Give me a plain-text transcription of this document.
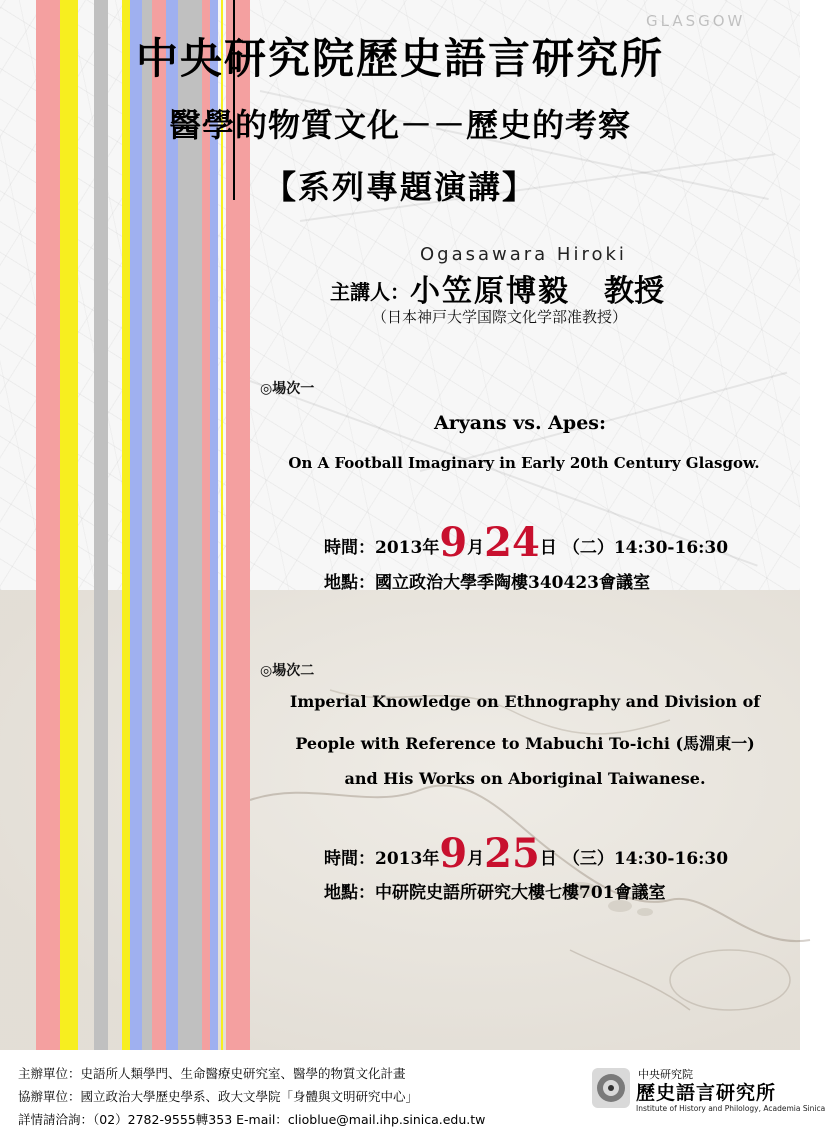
GLASGOW
中央研究院歷史語言研究所
醫學的物質文化－－歷史的考察
【系列專題演講】
Ogasawara Hiroki
主講人：小笠原博毅 教授
（日本神戸大学国際文化学部准教授）
◎場次一
Aryans vs. Apes:
On A Football Imaginary in Early 20th Century Glasgow.
時間：2013年9月24日 （二）14:30-16:30
地點：國立政治大學季陶樓340423會議室
◎場次二
Imperial Knowledge on Ethnography and Division of
People with Reference to Mabuchi To-ichi (馬淵東一)
and His Works on Aboriginal Taiwanese.
時間：2013年9月25日 （三）14:30-16:30
地點：中研院史語所研究大樓七樓701會議室
主辦單位：史語所人類學門、生命醫療史研究室、醫學的物質文化計畫
協辦單位：國立政治大學歷史學系、政大文學院「身體與文明研究中心」
詳情請洽詢：（02）2782-9555轉353 E-mail：clioblue@mail.ihp.sinica.edu.tw
中央研究院
歷史語言研究所
Institute of History and Philology, Academia Sinica
